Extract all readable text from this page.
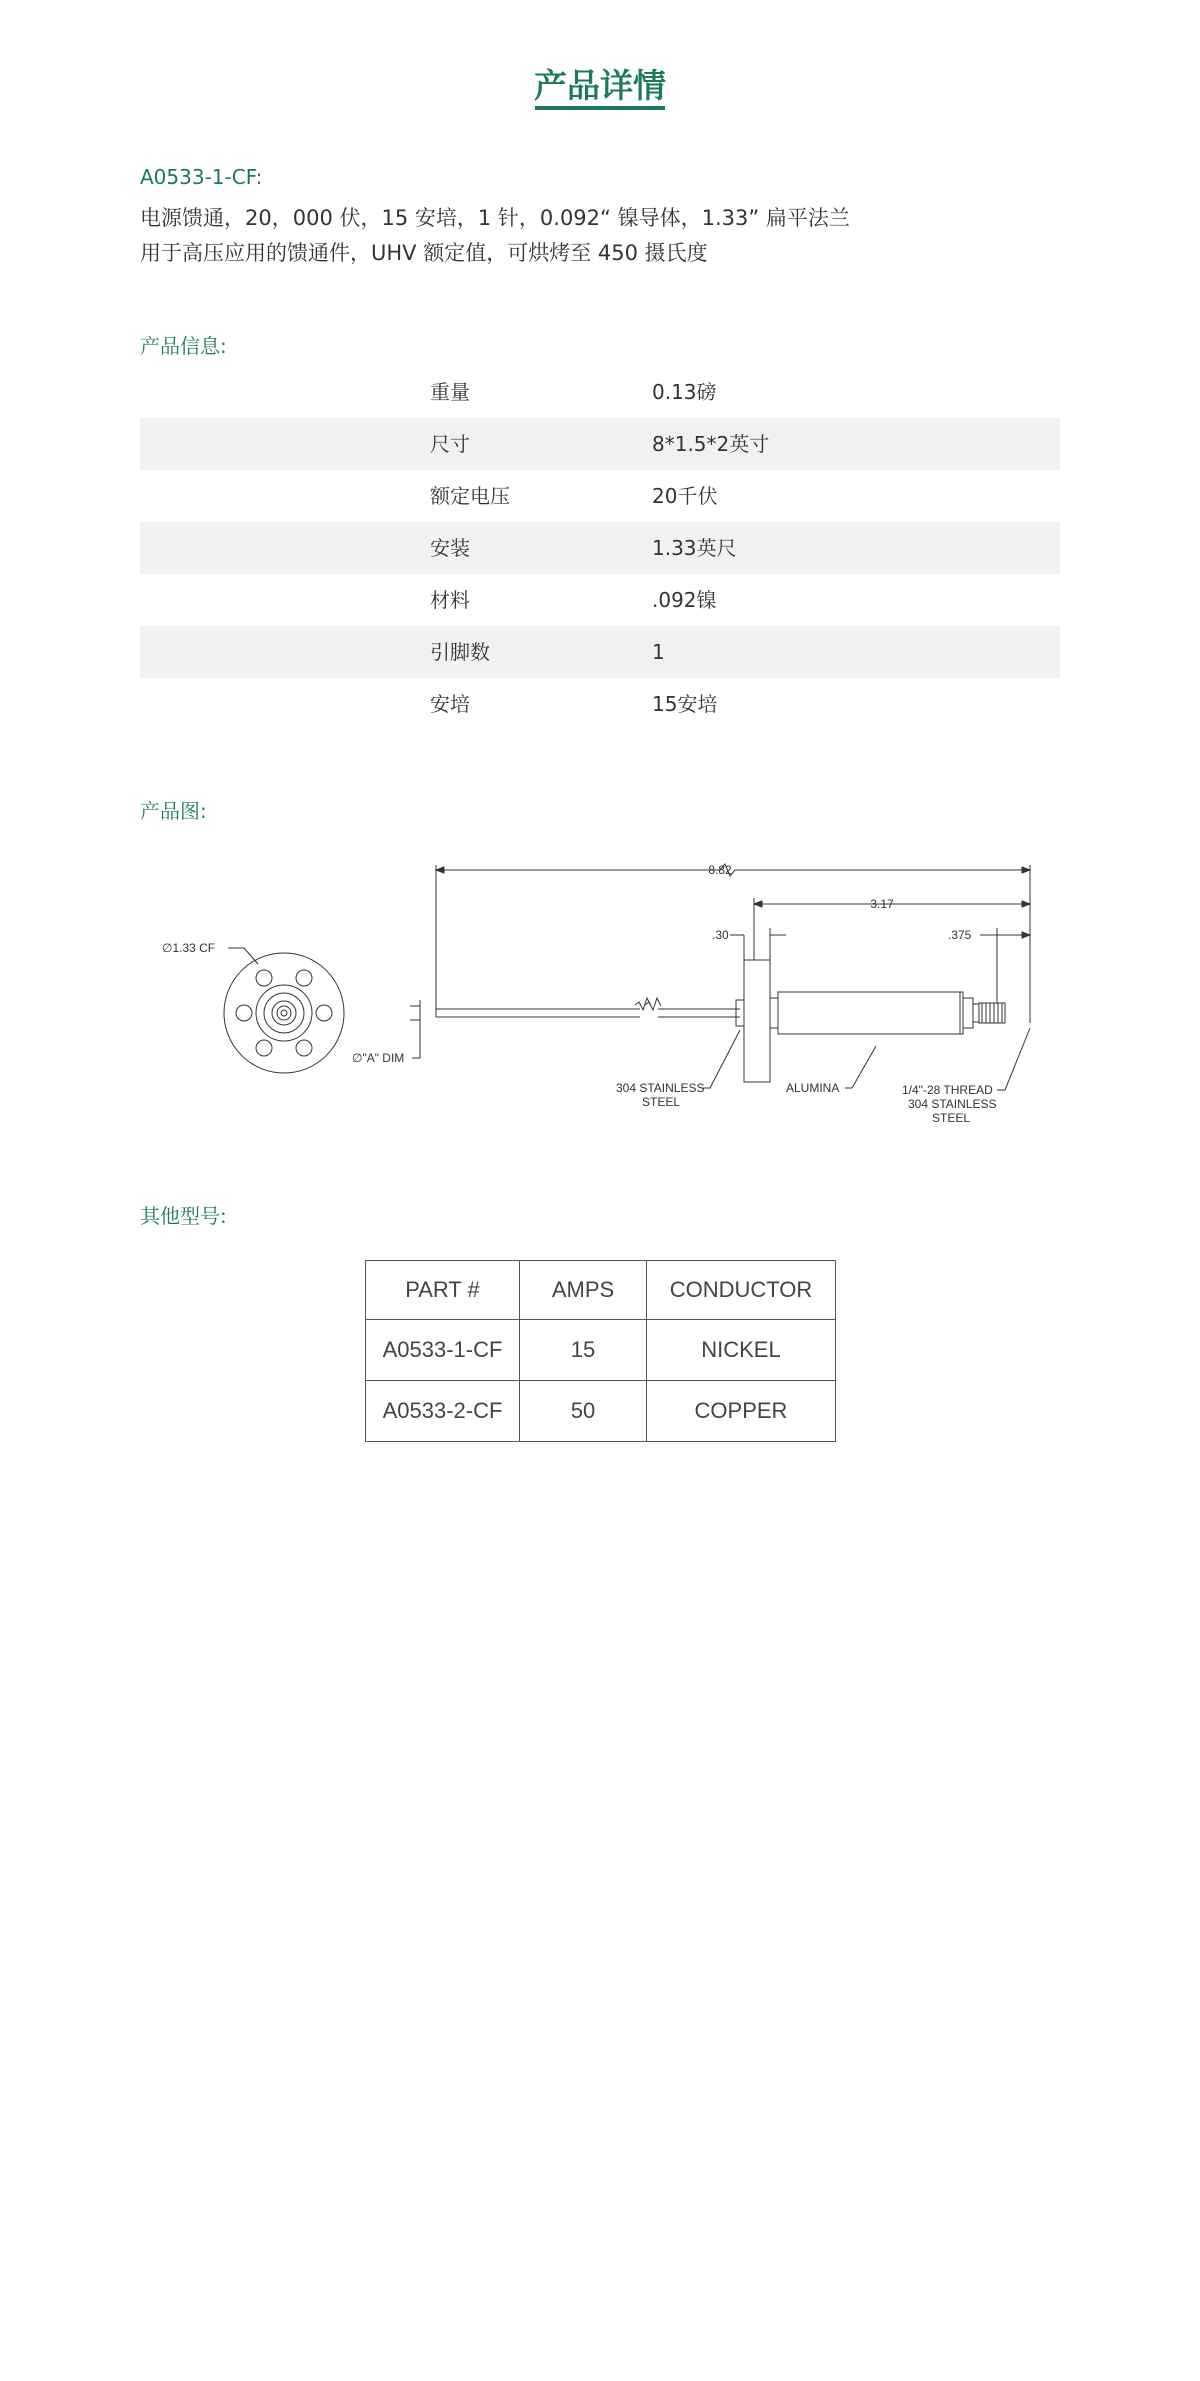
产品详情
A0533-1-CF:
电源馈通，20，000 伏，15 安培，1 针，0.092“ 镍导体，1.33” 扁平法兰
用于高压应用的馈通件，UHV 额定值，可烘烤至 450 摄氏度
产品信息:
重量	0.13磅
尺寸	8*1.5*2英寸
额定电压	20千伏
安装	1.33英尺
材料	.092镍
引脚数	1
安培	15安培
产品图:
∅1.33 CF
∅"A" DIM
8.82
3.17
.30	.375
304 STAINLESS
STEEL
ALUMINA	1/4"-28 THREAD
304 STAINLESS
STEEL
其他型号:
PART #	AMPS	CONDUCTOR
A0533-1-CF	15	NICKEL
A0533-2-CF	50	COPPER
